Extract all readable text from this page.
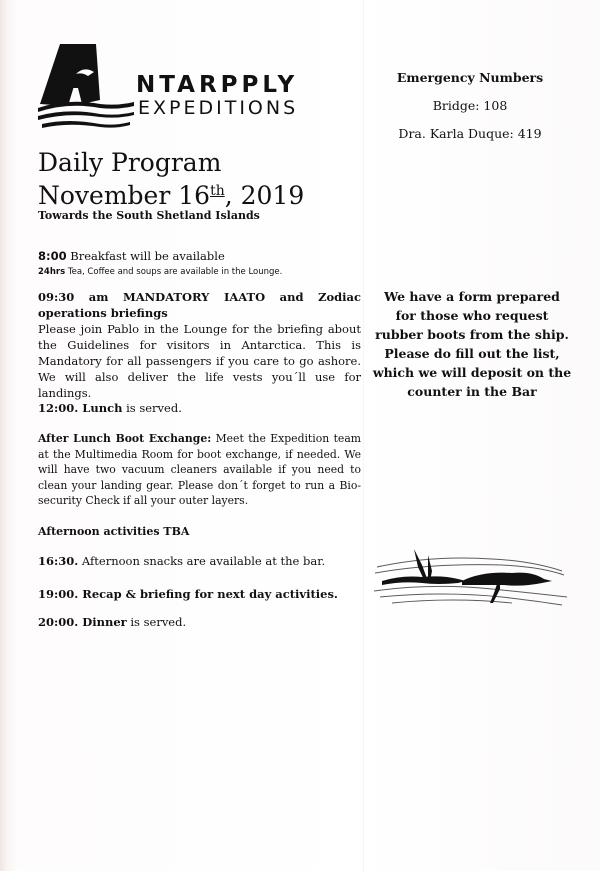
NTARPPLY
EXPEDITIONS
Emergency Numbers
Bridge: 108
Dra. Karla Duque: 419
Daily Program
November 16th, 2019
Towards the South Shetland Islands
8:00 Breakfast will be available
24hrs Tea, Coffee and soups are available in the Lounge.
09:30 am MANDATORY IAATO and Zodiac operations briefings
Please join Pablo in the Lounge for the briefing about the Guidelines for visitors in Antarctica. This is Mandatory for all passengers if you care to go ashore. We will also deliver the life vests you´ll use for landings.
12:00. Lunch is served.
After Lunch Boot Exchange: Meet the Expedition team at the Multimedia Room for boot exchange, if needed. We will have two vacuum cleaners available if you need to clean your landing gear. Please don´t forget to run a Bio-security Check if all your outer layers.
Afternoon activities TBA
16:30. Afternoon snacks are available at the bar.
19:00. Recap & briefing for next day activities.
20:00. Dinner is served.
We have a form prepared for those who request rubber boots from the ship. Please do fill out the list, which we will deposit on the counter in the Bar
